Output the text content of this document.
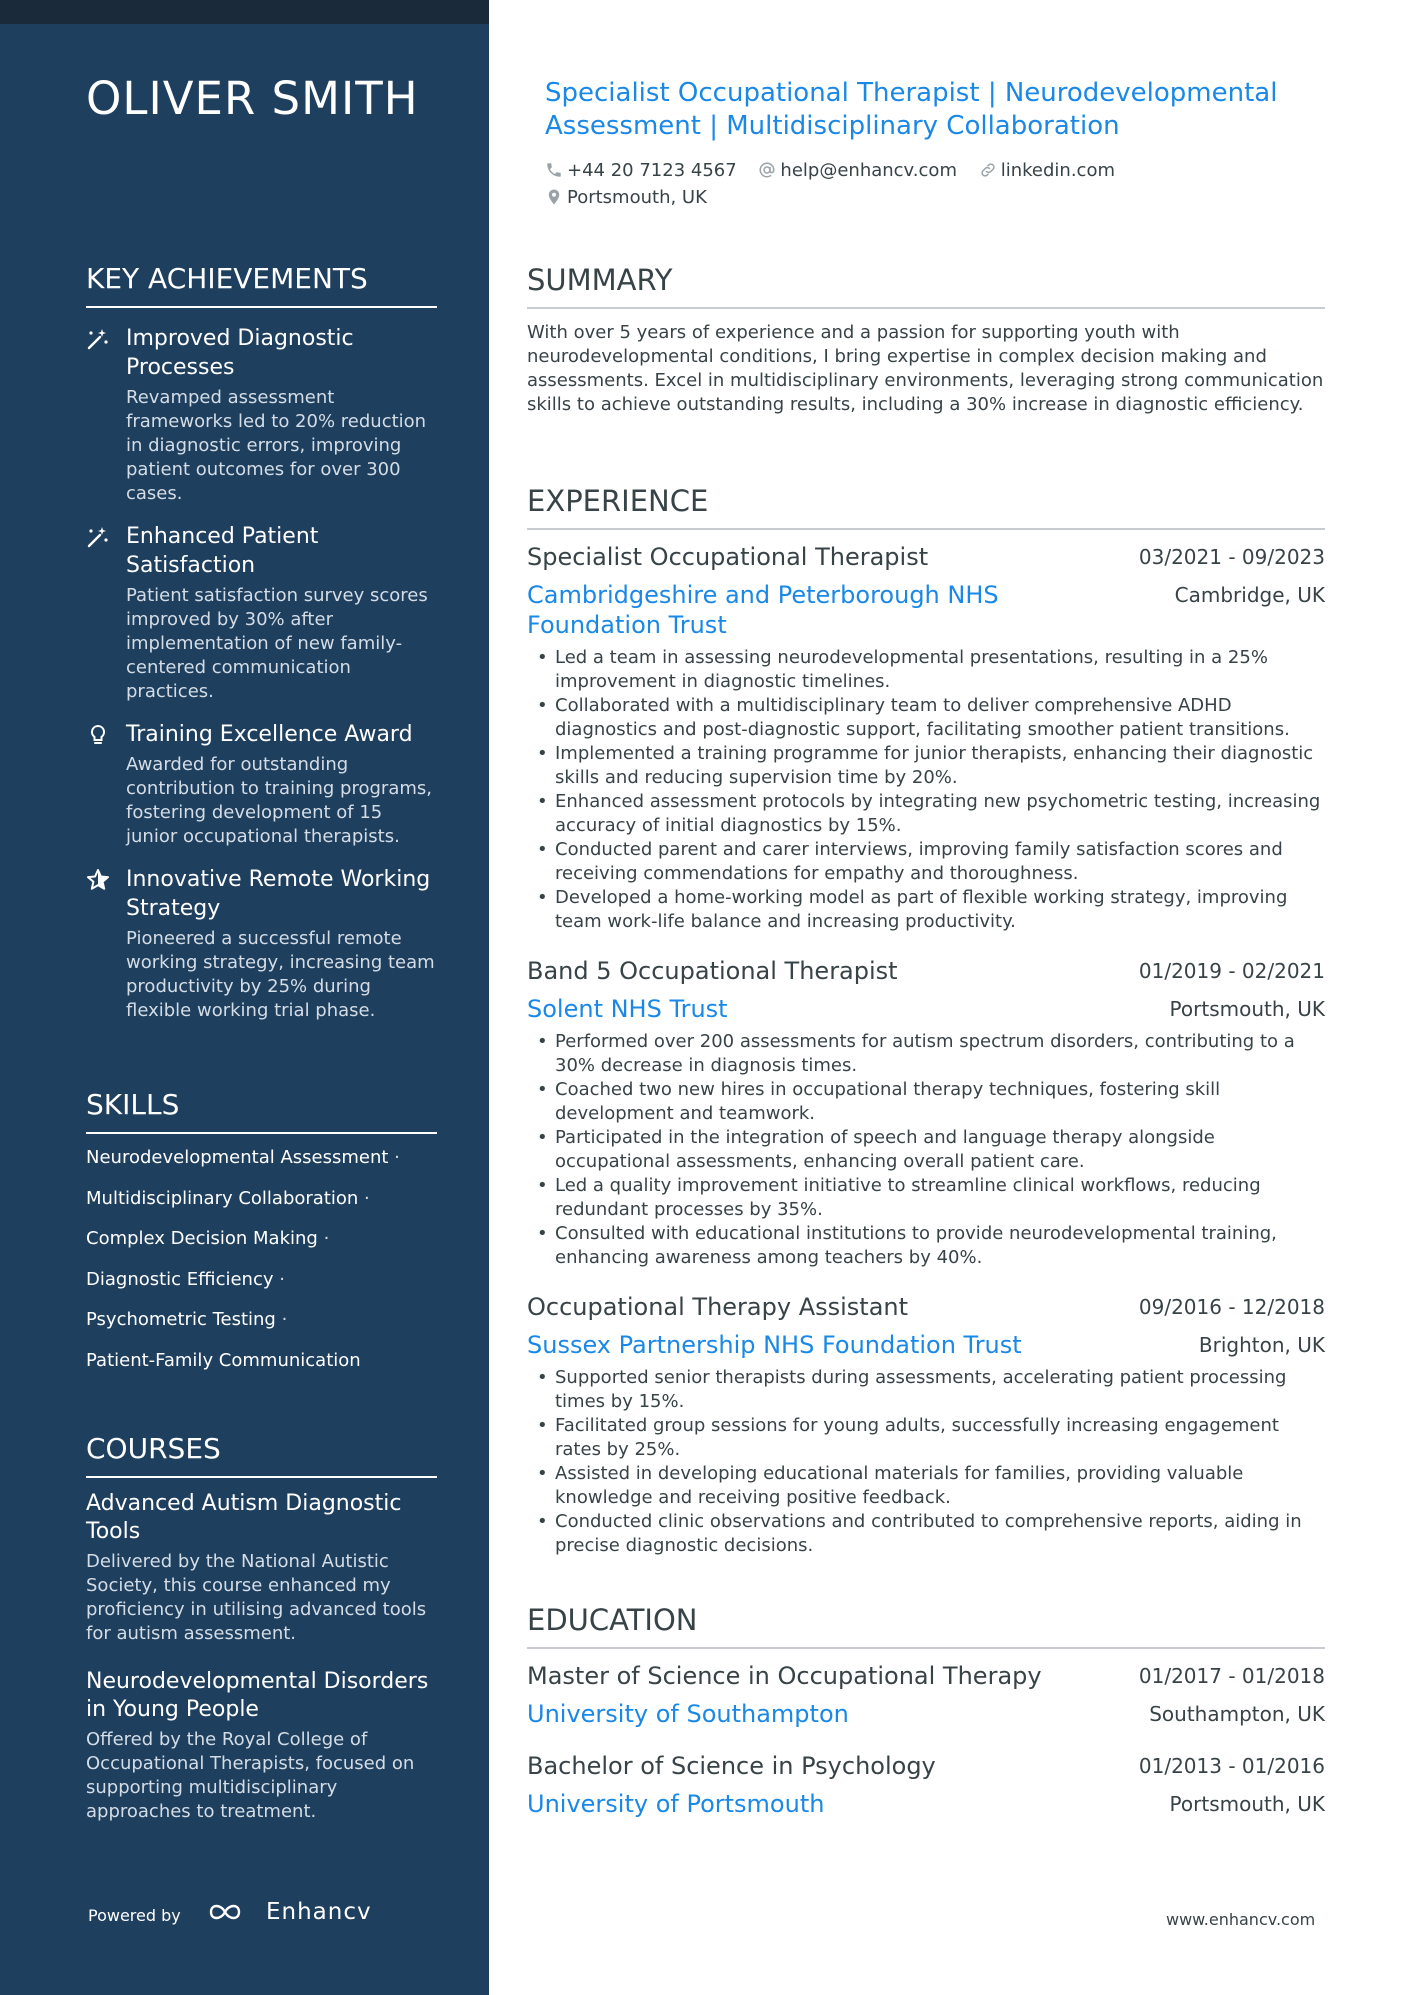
OLIVER SMITH
KEY ACHIEVEMENTS
Improved Diagnostic Processes
Revamped assessment frameworks led to 20% reduction in diagnostic errors, improving patient outcomes for over 300 cases.
Enhanced Patient Satisfaction
Patient satisfaction survey scores improved by 30% after implementation of new family-centered communication practices.
Training Excellence Award
Awarded for outstanding contribution to training programs, fostering development of 15 junior occupational therapists.
Innovative Remote Working Strategy
Pioneered a successful remote working strategy, increasing team productivity by 25% during flexible working trial phase.
SKILLS
Neurodevelopmental Assessment ·
Multidisciplinary Collaboration ·
Complex Decision Making ·
Diagnostic Efficiency ·
Psychometric Testing ·
Patient-Family Communication
COURSES
Advanced Autism Diagnostic Tools
Delivered by the National Autistic Society, this course enhanced my proficiency in utilising advanced tools for autism assessment.
Neurodevelopmental Disorders in Young People
Offered by the Royal College of Occupational Therapists, focused on supporting multidisciplinary approaches to treatment.
Powered by	Enhancv
Specialist Occupational Therapist | Neurodevelopmental Assessment | Multidisciplinary Collaboration
+44 20 7123 4567 help@enhancv.com linkedin.com
Portsmouth, UK
SUMMARY
With over 5 years of experience and a passion for supporting youth with neurodevelopmental conditions, I bring expertise in complex decision making and assessments. Excel in multidisciplinary environments, leveraging strong communication skills to achieve outstanding results, including a 30% increase in diagnostic efficiency.
EXPERIENCE
Specialist Occupational Therapist	03/2021 - 09/2023
Cambridgeshire and Peterborough NHS Foundation Trust
Cambridge, UK
• Led a team in assessing neurodevelopmental presentations, resulting in a 25% improvement in diagnostic timelines.
• Collaborated with a multidisciplinary team to deliver comprehensive ADHD diagnostics and post-diagnostic support, facilitating smoother patient transitions.
• Implemented a training programme for junior therapists, enhancing their diagnostic skills and reducing supervision time by 20%.
• Enhanced assessment protocols by integrating new psychometric testing, increasing accuracy of initial diagnostics by 15%.
• Conducted parent and carer interviews, improving family satisfaction scores and receiving commendations for empathy and thoroughness.
• Developed a home-working model as part of flexible working strategy, improving team work-life balance and increasing productivity.
Band 5 Occupational Therapist	01/2019 - 02/2021
Solent NHS Trust	Portsmouth, UK
• Performed over 200 assessments for autism spectrum disorders, contributing to a 30% decrease in diagnosis times.
• Coached two new hires in occupational therapy techniques, fostering skill development and teamwork.
• Participated in the integration of speech and language therapy alongside occupational assessments, enhancing overall patient care.
• Led a quality improvement initiative to streamline clinical workflows, reducing redundant processes by 35%.
• Consulted with educational institutions to provide neurodevelopmental training, enhancing awareness among teachers by 40%.
Occupational Therapy Assistant	09/2016 - 12/2018
Sussex Partnership NHS Foundation Trust	Brighton, UK
• Supported senior therapists during assessments, accelerating patient processing times by 15%.
• Facilitated group sessions for young adults, successfully increasing engagement rates by 25%.
• Assisted in developing educational materials for families, providing valuable knowledge and receiving positive feedback.
• Conducted clinic observations and contributed to comprehensive reports, aiding in precise diagnostic decisions.
EDUCATION
Master of Science in Occupational Therapy	01/2017 - 01/2018
University of Southampton	Southampton, UK
Bachelor of Science in Psychology	01/2013 - 01/2016
University of Portsmouth	Portsmouth, UK
www.enhancv.com
